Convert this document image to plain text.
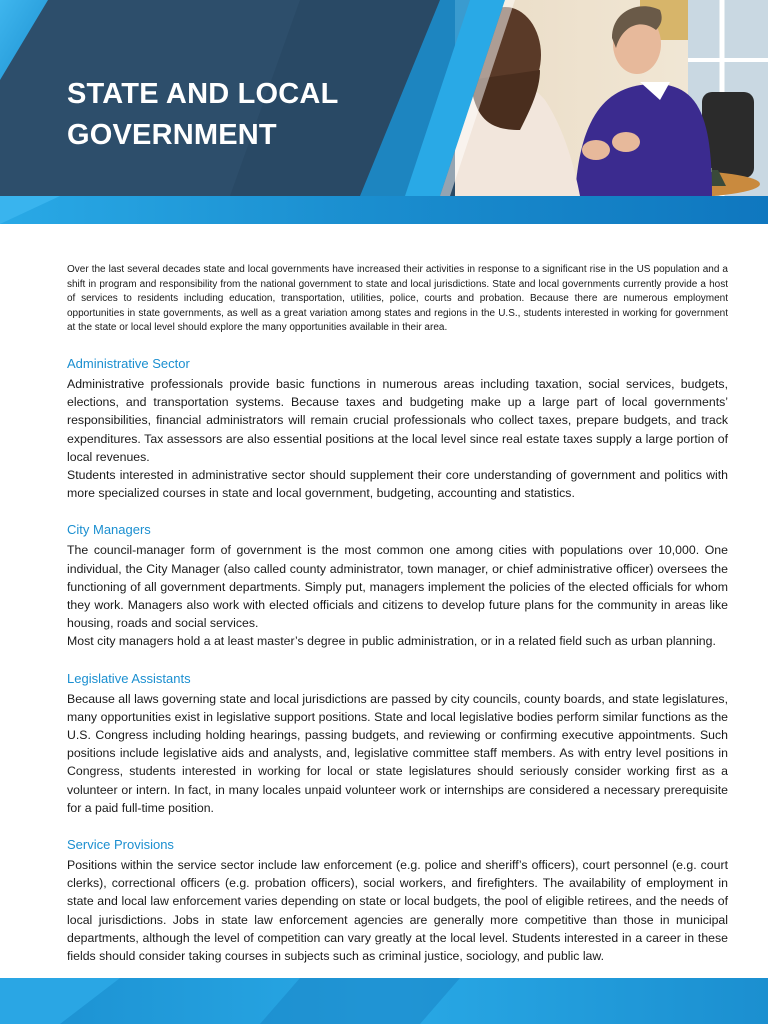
STATE AND LOCAL
GOVERNMENT

Over the last several decades state and local governments have increased their activities in response to a significant rise in the US population and a shift in program and responsibility from the national government to state and local jurisdictions. State and local governments currently provide a host of services to residents including education, transportation, utilities, police, courts and probation. Because there are numerous employment opportunities in state governments, as well as a great variation among states and regions in the U.S., students interested in working for government at the state or local level should explore the many opportunities available in their area.

Administrative Sector

Administrative professionals provide basic functions in numerous areas including taxation, social services, budgets, elections, and transportation systems. Because taxes and budgeting make up a large part of local governments’ responsibilities, financial administrators will remain crucial professionals who collect taxes, prepare budgets, and track expenditures. Tax assessors are also essential positions at the local level since real estate taxes supply a large portion of local revenues.

Students interested in administrative sector should supplement their core understanding of government and politics with more specialized courses in state and local government, budgeting, accounting and statistics.

City Managers

The council-manager form of government is the most common one among cities with populations over 10,000. One individual, the City Manager (also called county administrator, town manager, or chief administrative officer) oversees the functioning of all government departments. Simply put, managers implement the policies of the elected officials for whom they work. Managers also work with elected officials and citizens to develop future plans for the community in areas like housing, roads and social services.

Most city managers hold a at least master’s degree in public administration, or in a related field such as urban planning.

Legislative Assistants

Because all laws governing state and local jurisdictions are passed by city councils, county boards, and state legislatures, many opportunities exist in legislative support positions. State and local legislative bodies perform similar functions as the U.S. Congress including holding hearings, passing budgets, and reviewing or confirming executive appointments. Such positions include legislative aids and analysts, and, legislative committee staff members. As with entry level positions in Congress, students interested in working for local or state legislatures should seriously consider working first as a volunteer or intern. In fact, in many locales unpaid volunteer work or internships are considered a necessary prerequisite for a paid full-time position.

Service Provisions

Positions within the service sector include law enforcement (e.g. police and sheriff’s officers), court personnel (e.g. court clerks), correctional officers (e.g. probation officers), social workers, and firefighters. The availability of employment in state and local law enforcement varies depending on state or local budgets, the pool of eligible retirees, and the needs of local jurisdictions. Jobs in state law enforcement agencies are generally more competitive than those in municipal departments, although the level of competition can vary greatly at the local level. Students interested in a career in these fields should consider taking courses in subjects such as criminal justice, sociology, and public law.
